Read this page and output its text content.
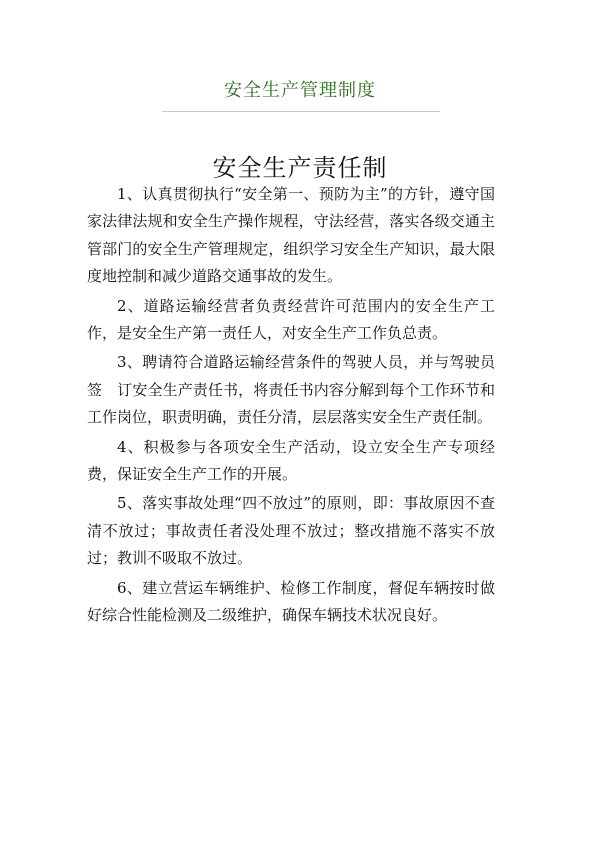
安全生产管理制度
安全生产责任制

1、认真贯彻执行“安全第一、预防为主”的方针，遵守国　家法律法规和安全生产操作规程，守法经营，落实各级交通主管部门的安全生产管理规定，组织学习安全生产知识，最大限度地控制和减少道路交通事故的发生。

2、道路运输经营者负责经营许可范围内的安全生产工作，是安全生产第一责任人，对安全生产工作负总责。

3、聘请符合道路运输经营条件的驾驶人员，并与驾驶员签　订安全生产责任书，将责任书内容分解到每个工作环节和工作岗位，职责明确，责任分清，层层落实安全生产责任制。

4、积极参与各项安全生产活动，设立安全生产专项经费，保证安全生产工作的开展。

5、落实事故处理“四不放过”的原则，即：事故原因不查清不放过；事故责任者没处理不放过；整改措施不落实不放过；教训不吸取不放过。

6、建立营运车辆维护、检修工作制度，督促车辆按时做好综合性能检测及二级维护，确保车辆技术状况良好。
